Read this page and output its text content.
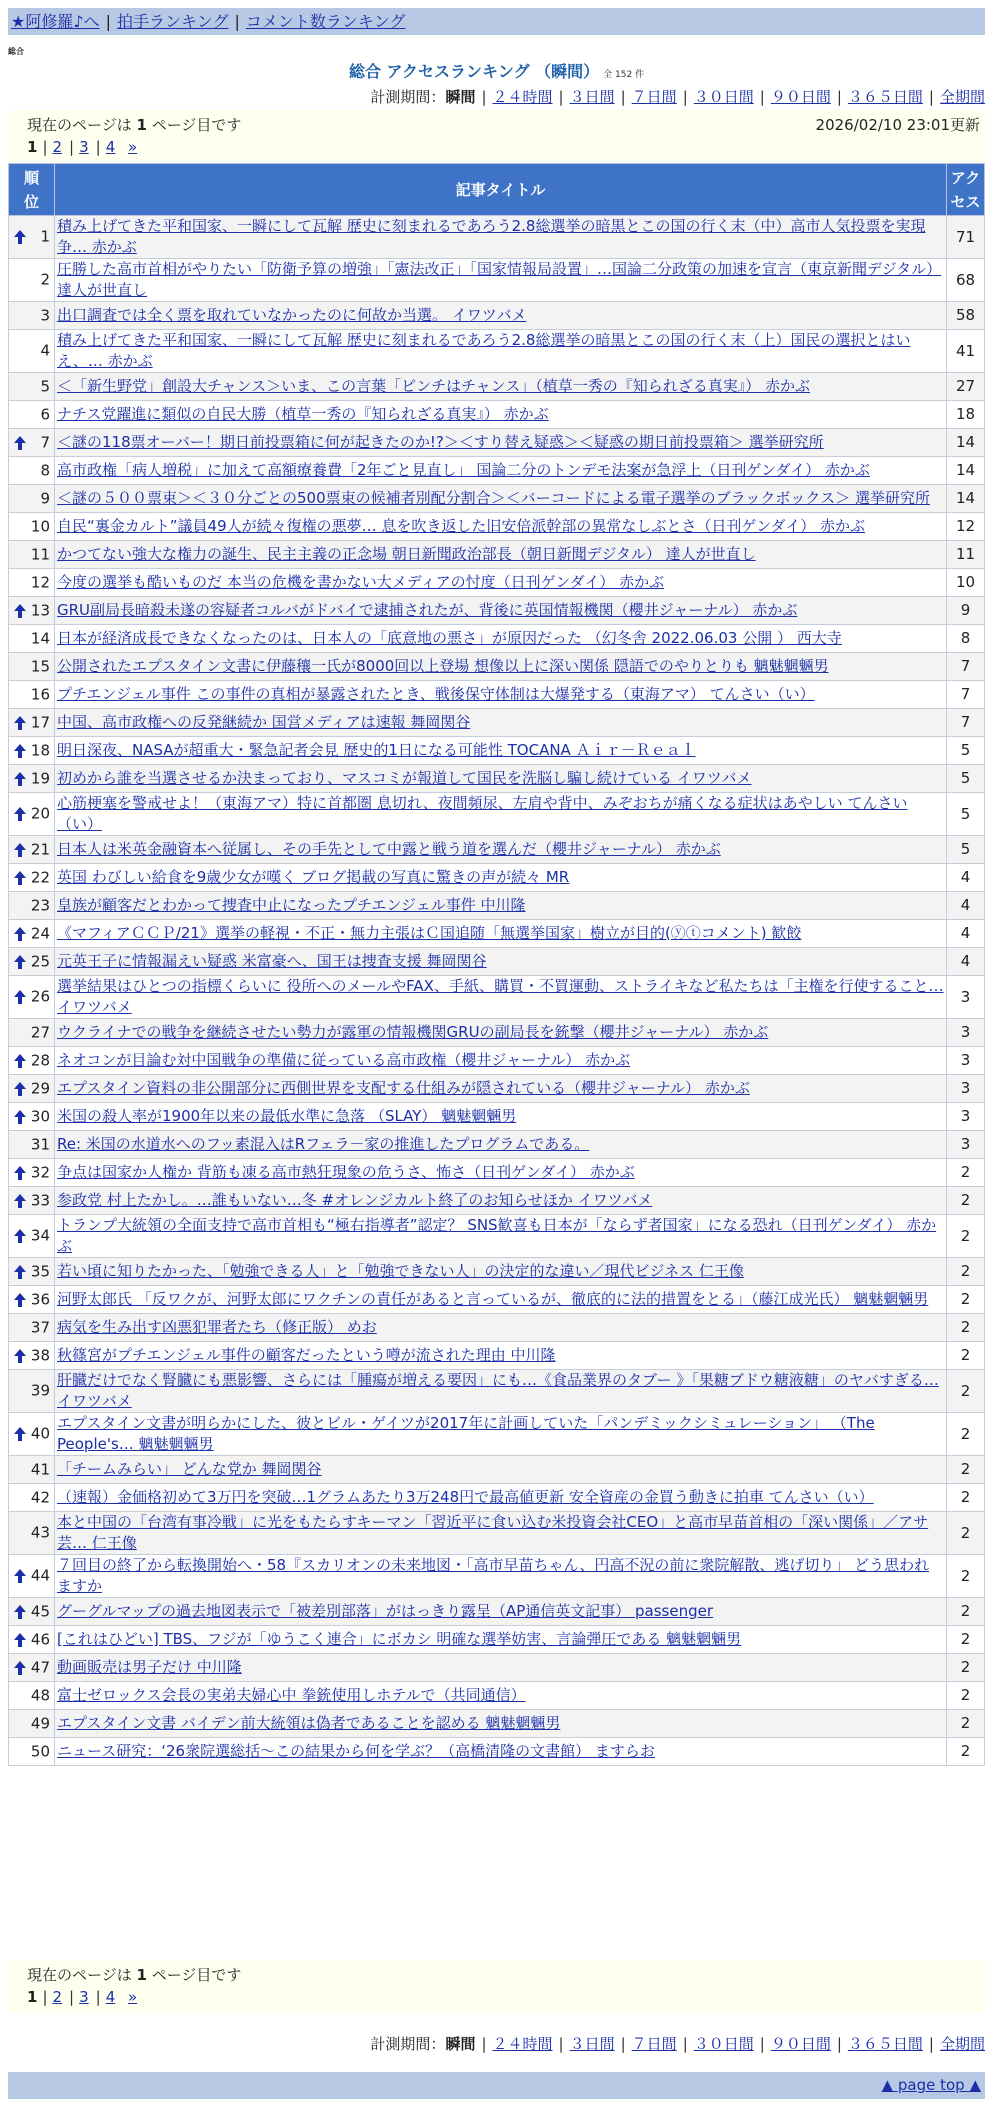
★阿修羅♪へ | 拍手ランキング | コメント数ランキング
総合
総合 アクセスランキング （瞬間） 全 152 件
計測期間：瞬間 | ２４時間 | ３日間 | ７日間 | ３０日間 | ９０日間 | ３６５日間 | 全期間
現在のページは 1 ページ目です	2026/02/10 23:01更新
1 | 2 | 3 | 4 »
順位	記事タイトル	アクセス

1	積み上げてきた平和国家、一瞬にして瓦解 歴史に刻まれるであろう2.8総選挙の暗黒とこの国の行く末（中）高市人気投票を実現争… 赤かぶ	71

2	圧勝した高市首相がやりたい「防衛予算の増強」「憲法改正」「国家情報局設置」…国論二分政策の加速を宣言（東京新聞デジタル） 達人が世直し	68

3	出口調査では全く票を取れていなかったのに何故か当選。 イワツバメ	58

4	積み上げてきた平和国家、一瞬にして瓦解 歴史に刻まれるであろう2.8総選挙の暗黒とこの国の行く末（上）国民の選択とはいえ、… 赤かぶ	41

5	＜「新生野党」創設大チャンス＞いま、この言葉「ピンチはチャンス」（植草一秀の『知られざる真実』） 赤かぶ	27

6	ナチス党躍進に類似の自民大勝（植草一秀の『知られざる真実』） 赤かぶ	18

7	＜謎の118票オーバー！期日前投票箱に何が起きたのか!?＞＜すり替え疑惑＞＜疑惑の期日前投票箱＞ 選挙研究所	14

8	高市政権「病人増税」に加えて高額療養費「2年ごと見直し」 国論二分のトンデモ法案が急浮上（日刊ゲンダイ） 赤かぶ	14

9	＜謎の５００票束＞＜３０分ごとの500票束の候補者別配分割合＞＜バーコードによる電子選挙のブラックボックス＞ 選挙研究所	14

10	自民“裏金カルト”議員49人が続々復権の悪夢… 息を吹き返した旧安倍派幹部の異常なしぶとさ（日刊ゲンダイ） 赤かぶ	12

11	かつてない強大な権力の誕生、民主主義の正念場 朝日新聞政治部長（朝日新聞デジタル） 達人が世直し	11

12	今度の選挙も酷いものだ 本当の危機を書かない大メディアの忖度（日刊ゲンダイ） 赤かぶ	10

13	GRU副局長暗殺未遂の容疑者コルバがドバイで逮捕されたが、背後に英国情報機関（櫻井ジャーナル） 赤かぶ	9

14	日本が経済成長できなくなったのは、日本人の「底意地の悪さ」が原因だった （幻冬舎 2022.06.03 公開 ） 西大寺	8

15	公開されたエプスタイン文書に伊藤穰一氏が8000回以上登場 想像以上に深い関係 隠語でのやりとりも 魑魅魍魎男	7

16	プチエンジェル事件 この事件の真相が暴露されたとき、戦後保守体制は大爆発する（東海アマ） てんさい（い）	7

17	中国、高市政権への反発継続か 国営メディアは速報 舞岡関谷	7

18	明日深夜、NASAが超重大・緊急記者会見 歴史的1日になる可能性 TOCANA Ａｉｒ－Ｒｅａｌ	5

19	初めから誰を当選させるか決まっており、マスコミが報道して国民を洗脳し騙し続けている イワツバメ	5

20	心筋梗塞を警戒せよ！（東海アマ）特に首都圏 息切れ、夜間頻尿、左肩や背中、みぞおちが痛くなる症状はあやしい てんさい（い）	5

21	日本人は米英金融資本へ従属し、その手先として中露と戦う道を選んだ（櫻井ジャーナル） 赤かぶ	5

22	英国 わびしい給食を9歳少女が嘆く ブログ掲載の写真に驚きの声が続々 MR	4

23	皇族が顧客だとわかって捜査中止になったプチエンジェル事件 中川隆	4

24	《マフィアＣＣＰ/21》選挙の軽視・不正・無力主張はＣ国追随「無選挙国家」樹立が目的(ⓨⓣコメント) 歓餃	4

25	元英王子に情報漏えい疑惑 米富豪へ、国王は捜査支援 舞岡関谷	4

26	選挙結果はひとつの指標くらいに 役所へのメールやFAX、手紙、購買・不買運動、ストライキなど私たちは「主権を行使すること… イワツバメ	3

27	ウクライナでの戦争を継続させたい勢力が露軍の情報機関GRUの副局長を銃撃（櫻井ジャーナル） 赤かぶ	3

28	ネオコンが目論む対中国戦争の準備に従っている高市政権（櫻井ジャーナル） 赤かぶ	3

29	エプスタイン資料の非公開部分に西側世界を支配する仕組みが隠されている（櫻井ジャーナル） 赤かぶ	3

30	米国の殺人率が1900年以来の最低水準に急落 （SLAY） 魑魅魍魎男	3

31	Re: 米国の水道水へのフッ素混入はRフェラ－家の推進したプログラムである。	3

32	争点は国家か人権か 背筋も凍る高市熱狂現象の危うさ、怖さ（日刊ゲンダイ） 赤かぶ	2

33	参政党 村上たかし。…誰もいない…冬 #オレンジカルト終了のお知らせほか イワツバメ	2

34	トランプ大統領の全面支持で高市首相も“極右指導者”認定？ SNS歓喜も日本が「ならず者国家」になる恐れ（日刊ゲンダイ） 赤かぶ	2

35	若い頃に知りたかった、「勉強できる人」と「勉強できない人」の決定的な違い／現代ビジネス 仁王像	2

36	河野太郎氏 「反ワクが、河野太郎にワクチンの責任があると言っているが、徹底的に法的措置をとる」（藤江成光氏） 魑魅魍魎男	2

37	病気を生み出す凶悪犯罪者たち（修正版） めお	2

38	秋篠宮がプチエンジェル事件の顧客だったという噂が流された理由 中川隆	2

39	肝臓だけでなく腎臓にも悪影響、さらには「腫瘍が増える要因」にも…《食品業界のタブー 》「果糖ブドウ糖液糖」のヤバすぎる… イワツバメ	2

40	エプスタイン文書が明らかにした、彼とビル・ゲイツが2017年に計画していた「パンデミックシミュレーション」 （The People's… 魑魅魍魎男	2

41	「チームみらい」 どんな党か 舞岡関谷	2

42	（速報）金価格初めて3万円を突破…1グラムあたり3万248円で最高値更新 安全資産の金買う動きに拍車 てんさい（い）	2

43	本と中国の「台湾有事冷戦」に光をもたらすキーマン「習近平に食い込む米投資会社CEO」と高市早苗首相の「深い関係」／アサ芸… 仁王像	2

44	７回目の終了から転換開始へ・58『スカリオンの未来地図・「高市早苗ちゃん、円高不況の前に衆院解散、逃げ切り」 どう思われますか	2

45	グーグルマップの過去地図表示で「被差別部落」がはっきり露呈（AP通信英文記事） passenger	2

46	[これはひどい] TBS、フジが「ゆうこく連合」にボカシ 明確な選挙妨害、言論弾圧である 魑魅魍魎男	2

47	動画販売は男子だけ 中川隆	2

48	富士ゼロックス会長の実弟夫婦心中 拳銃使用しホテルで（共同通信）	2

49	エプスタイン文書 バイデン前大統領は偽者であることを認める 魑魅魍魎男	2

50	ニュース研究：‘26衆院選総括～この結果から何を学ぶ？（高橋清隆の文書館） ますらお	2
現在のページは 1 ページ目です
1 | 2 | 3 | 4 »
計測期間：瞬間 | ２４時間 | ３日間 | ７日間 | ３０日間 | ９０日間 | ３６５日間 | 全期間
▲ page top ▲
